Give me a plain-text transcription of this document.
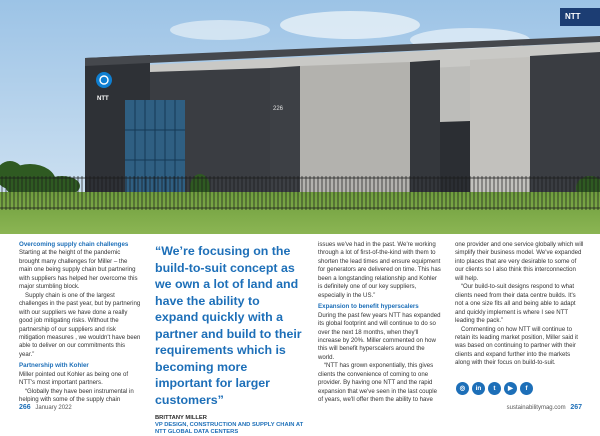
NTT
226
NTT
Overcoming supply chain challenges

Starting at the height of the pandemic brought many challenges for Miller – the main one being supply chain but partnering with suppliers has helped her overcome this major stumbling block.

Supply chain is one of the largest challenges in the past year, but by partnering with our suppliers we have done a really good job mitigating risks. Without the partnership of our suppliers and risk mitigation measures , we wouldn't have been able to deliver on our commitments this year.”

Partnership with Kohler

Miller pointed out Kohler as being one of NTT's most important partners.

“Globally they have been instrumental in helping with some of the supply chain

“We’re focusing on the build-to-suit concept as we own a lot of land and have the ability to expand quickly with a partner and build to their requirements which is becoming more important for larger customers”

BRITTANY MILLER
VP DESIGN, CONSTRUCTION AND SUPPLY CHAIN AT NTT GLOBAL DATA CENTERS

issues we've had in the past. We're working through a lot of first-of-the-kind with them to shorten the lead times and ensure equipment for generators are delivered on time. This has been a longstanding relationship and Kohler is definitely one of our key suppliers, especially in the US.”

Expansion to benefit hyperscalers

During the past few years NTT has expanded its global footprint and will continue to do so over the next 18 months, when they'll increase by 20%. Miller commented on how this will benefit hyperscalers around the world.

“NTT has grown exponentially, this gives clients the convenience of coming to one provider. By having one NTT and the rapid expansion that we've seen in the last couple of years, we'll offer them the ability to have

one provider and one service globally which will simplify their business model. We've expanded into places that are very desirable to some of our clients so I also think this interconnection will help.

“Our build-to-suit designs respond to what clients need from their data centre builds. It's not a one size fits all and being able to adapt and quickly implement is where I see NTT leading the pack.”

Commenting on how NTT will continue to retain its leading market position, Miller said it was based on continuing to partner with their clients and expand further into the markets along with their focus on build-to-suit.

◎	in	t	▶	f
266 January 2022	sustainabilitymag.com 267
